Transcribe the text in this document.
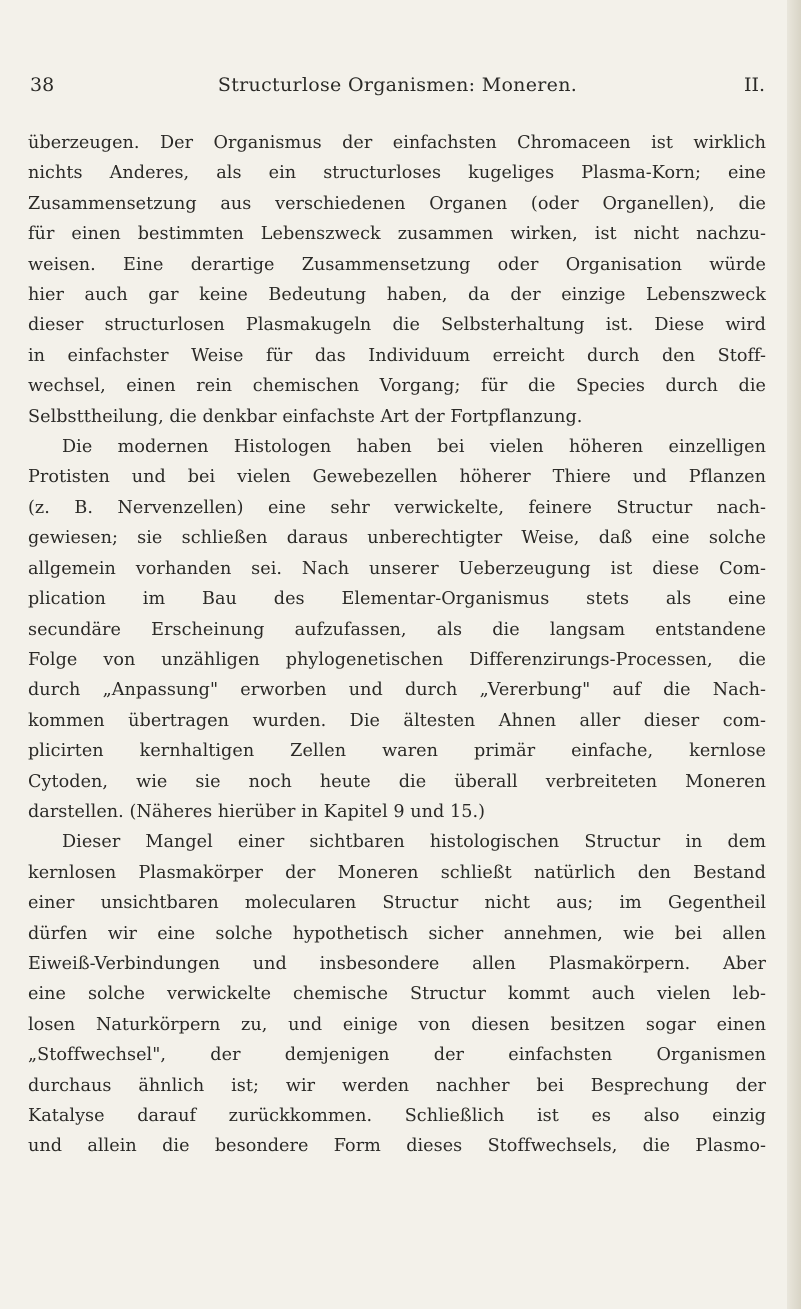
38	Structurlose Organismen: Moneren.	II.

überzeugen. Der Organismus der einfachsten Chromaceen ist wirklich
nichts Anderes, als ein structurloses kugeliges Plasma-Korn; eine
Zusammensetzung aus verschiedenen Organen (oder Organellen), die
für einen bestimmten Lebenszweck zusammen wirken, ist nicht nachzu-
weisen. Eine derartige Zusammensetzung oder Organisation würde
hier auch gar keine Bedeutung haben, da der einzige Lebenszweck
dieser structurlosen Plasmakugeln die Selbsterhaltung ist. Diese wird
in einfachster Weise für das Individuum erreicht durch den Stoff-
wechsel, einen rein chemischen Vorgang; für die Species durch die
Selbsttheilung, die denkbar einfachste Art der Fortpflanzung.

Die modernen Histologen haben bei vielen höheren einzelligen
Protisten und bei vielen Gewebezellen höherer Thiere und Pflanzen
(z. B. Nervenzellen) eine sehr verwickelte, feinere Structur nach-
gewiesen; sie schließen daraus unberechtigter Weise, daß eine solche
allgemein vorhanden sei. Nach unserer Ueberzeugung ist diese Com-
plication im Bau des Elementar-Organismus stets als eine
secundäre Erscheinung aufzufassen, als die langsam entstandene
Folge von unzähligen phylogenetischen Differenzirungs-Processen, die
durch „Anpassung" erworben und durch „Vererbung" auf die Nach-
kommen übertragen wurden. Die ältesten Ahnen aller dieser com-
plicirten kernhaltigen Zellen waren primär einfache, kernlose
Cytoden, wie sie noch heute die überall verbreiteten Moneren
darstellen. (Näheres hierüber in Kapitel 9 und 15.)

Dieser Mangel einer sichtbaren histologischen Structur in dem
kernlosen Plasmakörper der Moneren schließt natürlich den Bestand
einer unsichtbaren molecularen Structur nicht aus; im Gegentheil
dürfen wir eine solche hypothetisch sicher annehmen, wie bei allen
Eiweiß-Verbindungen und insbesondere allen Plasmakörpern. Aber
eine solche verwickelte chemische Structur kommt auch vielen leb-
losen Naturkörpern zu, und einige von diesen besitzen sogar einen
„Stoffwechsel", der demjenigen der einfachsten Organismen
durchaus ähnlich ist; wir werden nachher bei Besprechung der
Katalyse darauf zurückkommen. Schließlich ist es also einzig
und allein die besondere Form dieses Stoffwechsels, die Plasmo-
